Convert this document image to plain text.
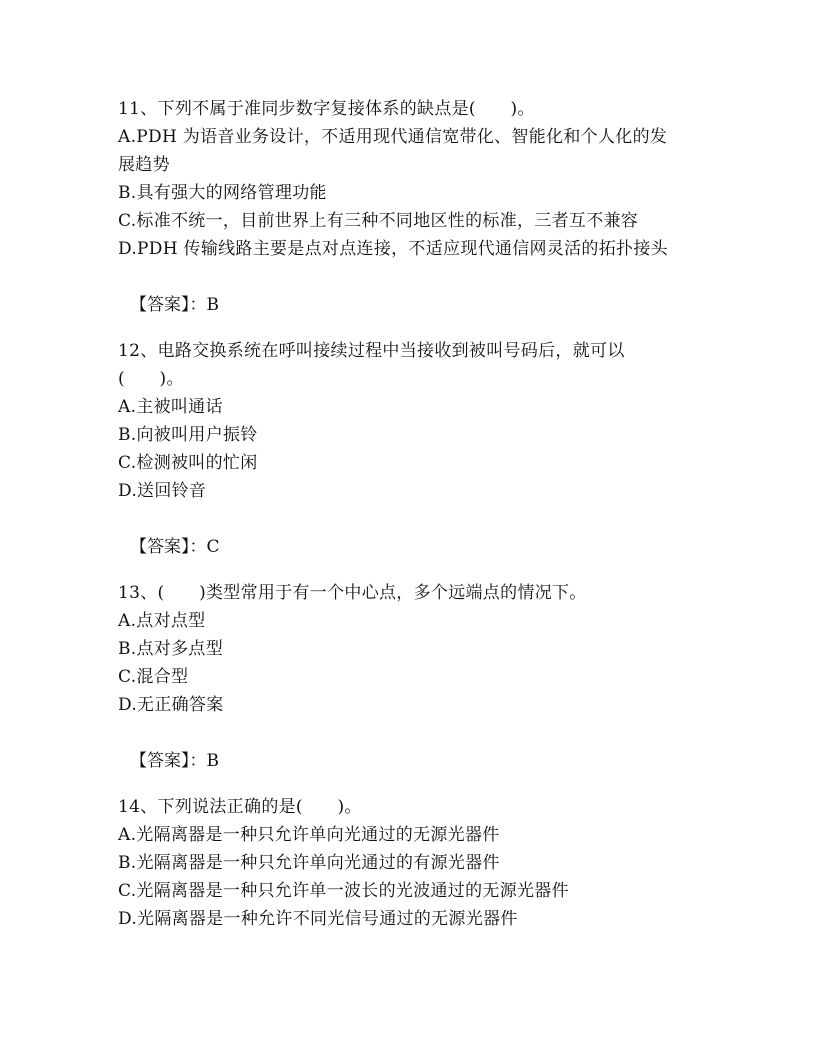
11、下列不属于准同步数字复接体系的缺点是(　　)。
A.PDH 为语音业务设计，不适用现代通信宽带化、智能化和个人化的发
展趋势
B.具有强大的网络管理功能
C.标准不统一，目前世界上有三种不同地区性的标准，三者互不兼容
D.PDH 传输线路主要是点对点连接，不适应现代通信网灵活的拓扑接头
【答案】：B
12、电路交换系统在呼叫接续过程中当接收到被叫号码后，就可以
(　　)。
A.主被叫通话
B.向被叫用户振铃
C.检测被叫的忙闲
D.送回铃音
【答案】：C
13、(　　)类型常用于有一个中心点，多个远端点的情况下。
A.点对点型
B.点对多点型
C.混合型
D.无正确答案
【答案】：B
14、下列说法正确的是(　　)。
A.光隔离器是一种只允许单向光通过的无源光器件
B.光隔离器是一种只允许单向光通过的有源光器件
C.光隔离器是一种只允许单一波长的光波通过的无源光器件
D.光隔离器是一种允许不同光信号通过的无源光器件
